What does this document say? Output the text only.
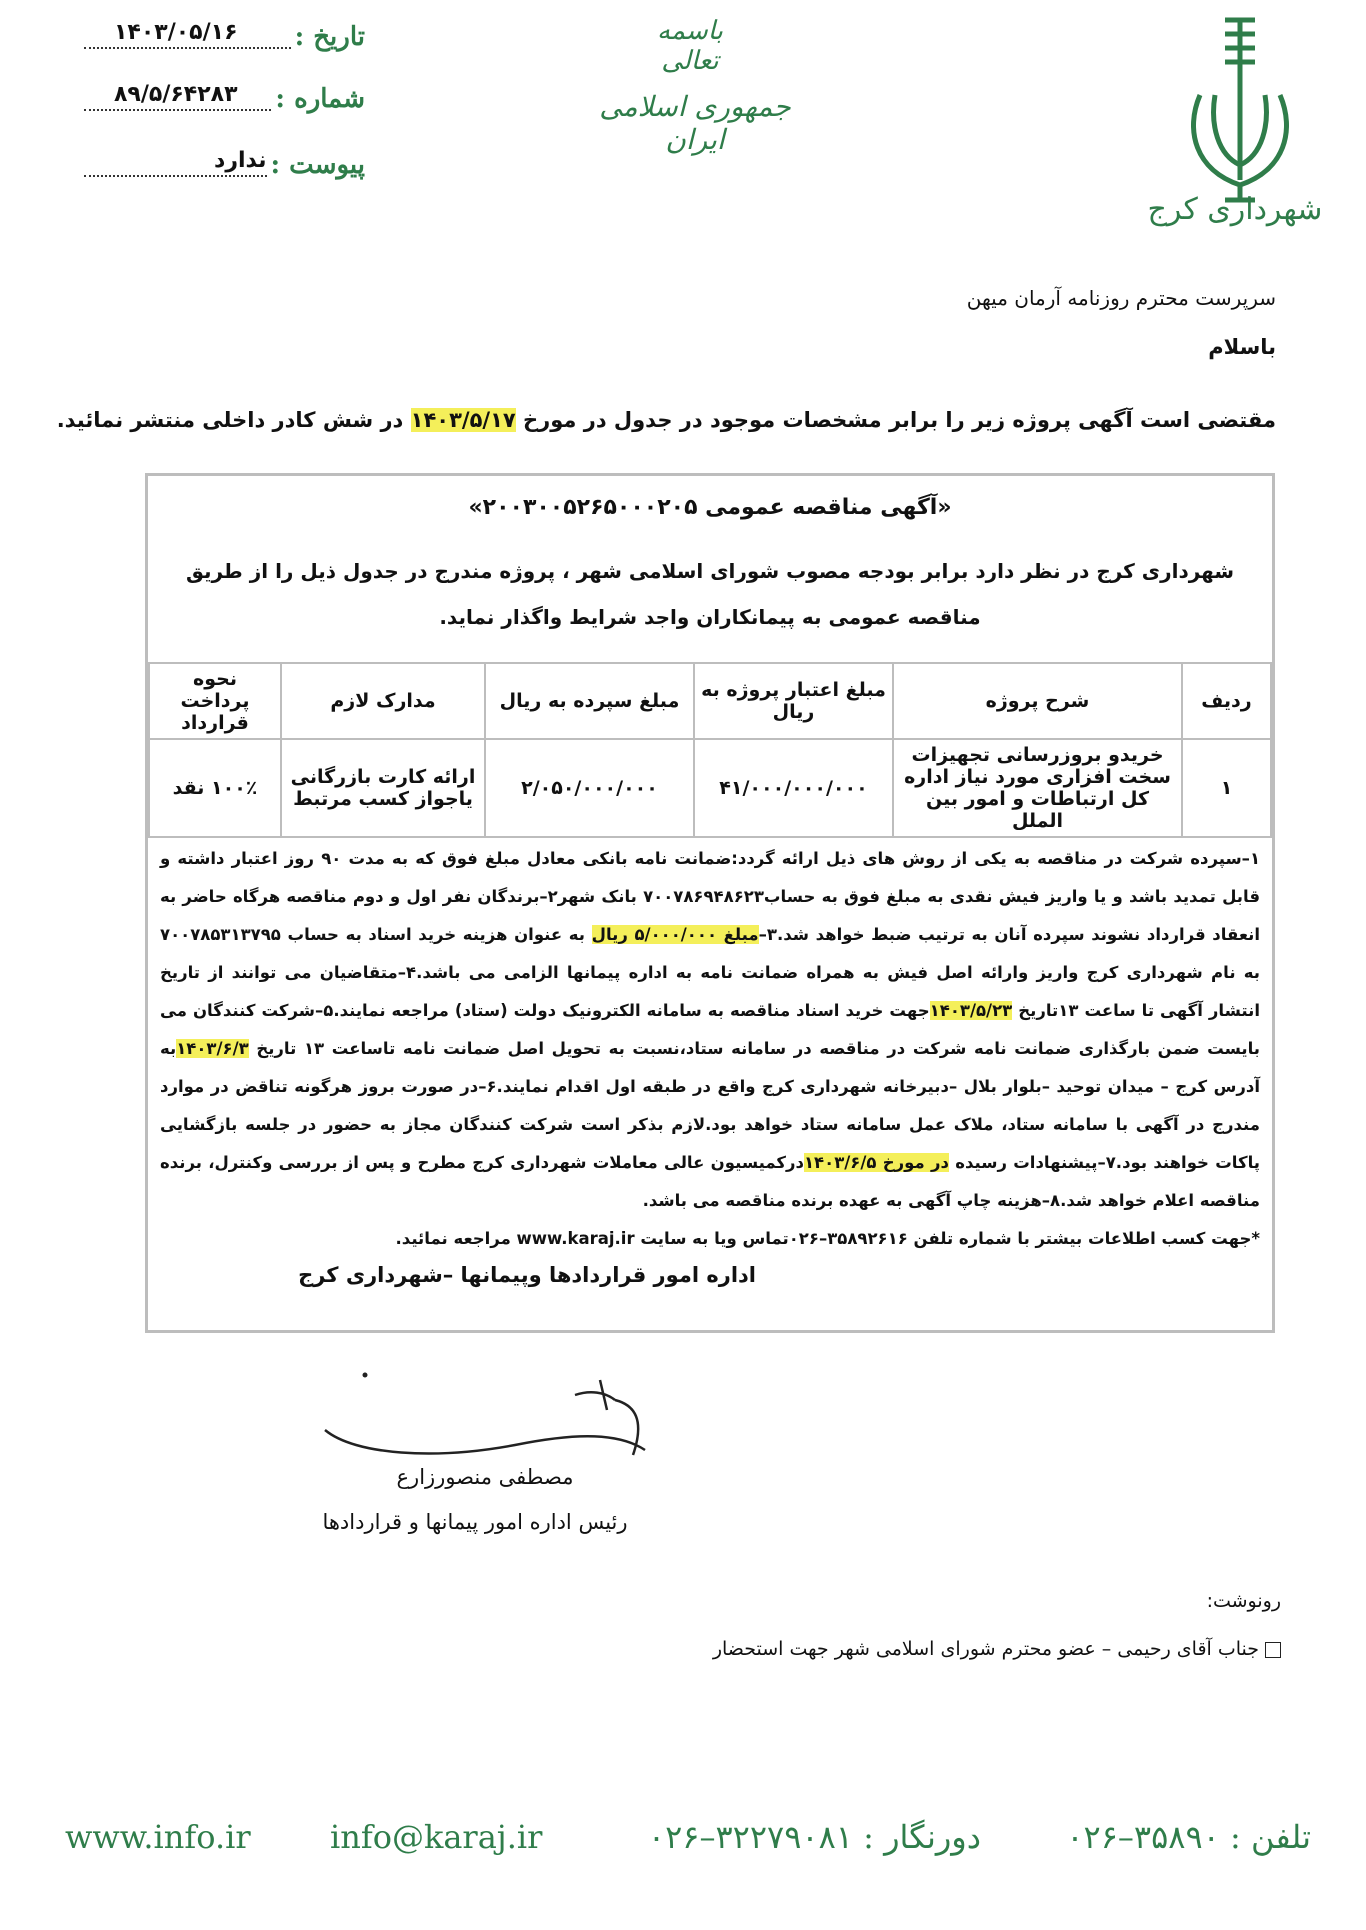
تاریخ :
۱۴۰۳/۰۵/۱۶
شماره :
۸۹/۵/۶۴۲۸۳
پیوست :
ندارد
باسمه تعالی
جمهوری اسلامی ایران
شهرداری کرج
سرپرست محترم روزنامه آرمان میهن
باسلام
مقتضی است آگهی پروژه زیر را برابر مشخصات موجود در جدول در مورخ ۱۴۰۳/۵/۱۷ در شش کادر داخلی منتشر نمائید.
«آگهی مناقصه عمومی ۲۰۰۳۰۰۵۲۶۵۰۰۰۲۰۵»
شهرداری کرج در نظر دارد برابر بودجه مصوب شورای اسلامی شهر ، پروژه مندرج در جدول ذیل را از طریق مناقصه عمومی به پیمانکاران واجد شرایط واگذار نماید.
ردیف	شرح پروژه	مبلغ اعتبار پروژه به ریال	مبلغ سپرده به ریال	مدارک لازم	نحوه پرداخت قرارداد
۱	خریدو بروزرسانی تجهیزات سخت افزاری مورد نیاز اداره کل ارتباطات و امور بین الملل	۴۱/۰۰۰/۰۰۰/۰۰۰	۲/۰۵۰/۰۰۰/۰۰۰	ارائه کارت بازرگانی یاجواز کسب مرتبط	۱۰۰٪ نقد
۱–سپرده شرکت در مناقصه به یکی از روش های ذیل ارائه گردد:ضمانت نامه بانکی معادل مبلغ فوق که به مدت ۹۰ روز اعتبار داشته و قابل تمدید باشد و یا واریز فیش نقدی به مبلغ فوق به حساب۷۰۰۷۸۶۹۴۸۶۲۳ بانک شهر۲–برندگان نفر اول و دوم مناقصه هرگاه حاضر به انعقاد قرارداد نشوند سپرده آنان به ترتیب ضبط خواهد شد.۳–مبلغ ۵/۰۰۰/۰۰۰ ریال به عنوان هزینه خرید اسناد به حساب ۷۰۰۷۸۵۳۱۳۷۹۵ به نام شهرداری کرج واریز وارائه اصل فیش به همراه ضمانت نامه به اداره پیمانها الزامی می باشد.۴–متقاضیان می توانند از تاریخ انتشار آگهی تا ساعت ۱۳تاریخ ۱۴۰۳/۵/۲۳جهت خرید اسناد مناقصه به سامانه الکترونیک دولت (ستاد) مراجعه نمایند.۵–شرکت کنندگان می بایست ضمن بارگذاری ضمانت نامه شرکت در مناقصه در سامانه ستاد،نسبت به تحویل اصل ضمانت نامه تاساعت ۱۳ تاریخ ۱۴۰۳/۶/۳به آدرس کرج – میدان توحید –بلوار بلال –دبیرخانه شهرداری کرج واقع در طبقه اول اقدام نمایند.۶–در صورت بروز هرگونه تناقض در موارد مندرج در آگهی با سامانه ستاد، ملاک عمل سامانه ستاد خواهد بود.لازم بذکر است شرکت کنندگان مجاز به حضور در جلسه بازگشایی پاکات خواهند بود.۷–پیشنهادات رسیده در مورخ ۱۴۰۳/۶/۵درکمیسیون عالی معاملات شهرداری کرج مطرح و پس از بررسی وکنترل، برنده مناقصه اعلام خواهد شد.۸–هزینه چاپ آگهی به عهده برنده مناقصه می باشد.
*جهت کسب اطلاعات بیشتر با شماره تلفن ۳۵۸۹۲۶۱۶–۰۲۶تماس ویا به سایت www.karaj.ir مراجعه نمائید.
اداره امور قراردادها وپیمانها –شهرداری کرج
مصطفی منصورزارع
رئیس اداره امور پیمانها و قراردادها
رونوشت:
جناب آقای رحیمی – عضو محترم شورای اسلامی شهر جهت استحضار
تلفن : ۳۵۸۹۰–۰۲۶
دورنگار : ۳۲۲۷۹۰۸۱–۰۲۶
info@karaj.ir
www.info.ir
